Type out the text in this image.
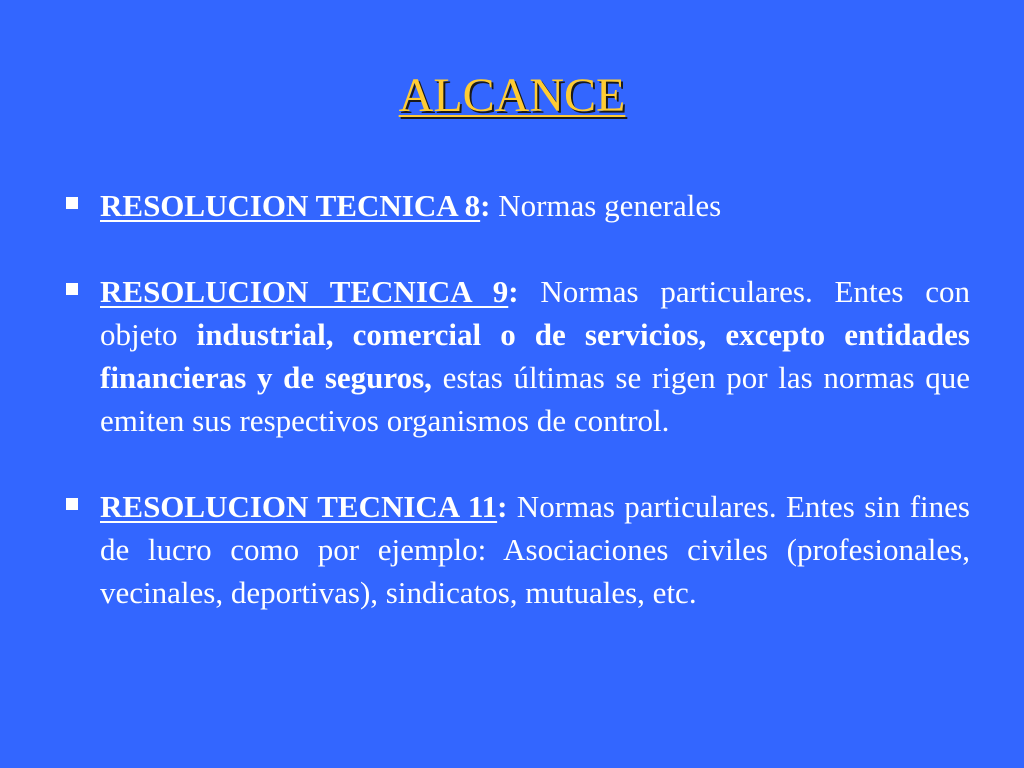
ALCANCE
RESOLUCION TECNICA 8: Normas generales
RESOLUCION TECNICA 9: Normas particulares. Entes con objeto industrial, comercial o de servicios, excepto entidades financieras y de seguros, estas últimas se rigen por las normas que emiten sus respectivos organismos de control.
RESOLUCION TECNICA 11: Normas particulares. Entes sin fines de lucro como por ejemplo: Asociaciones civiles (profesionales, vecinales, deportivas), sindicatos, mutuales, etc.
